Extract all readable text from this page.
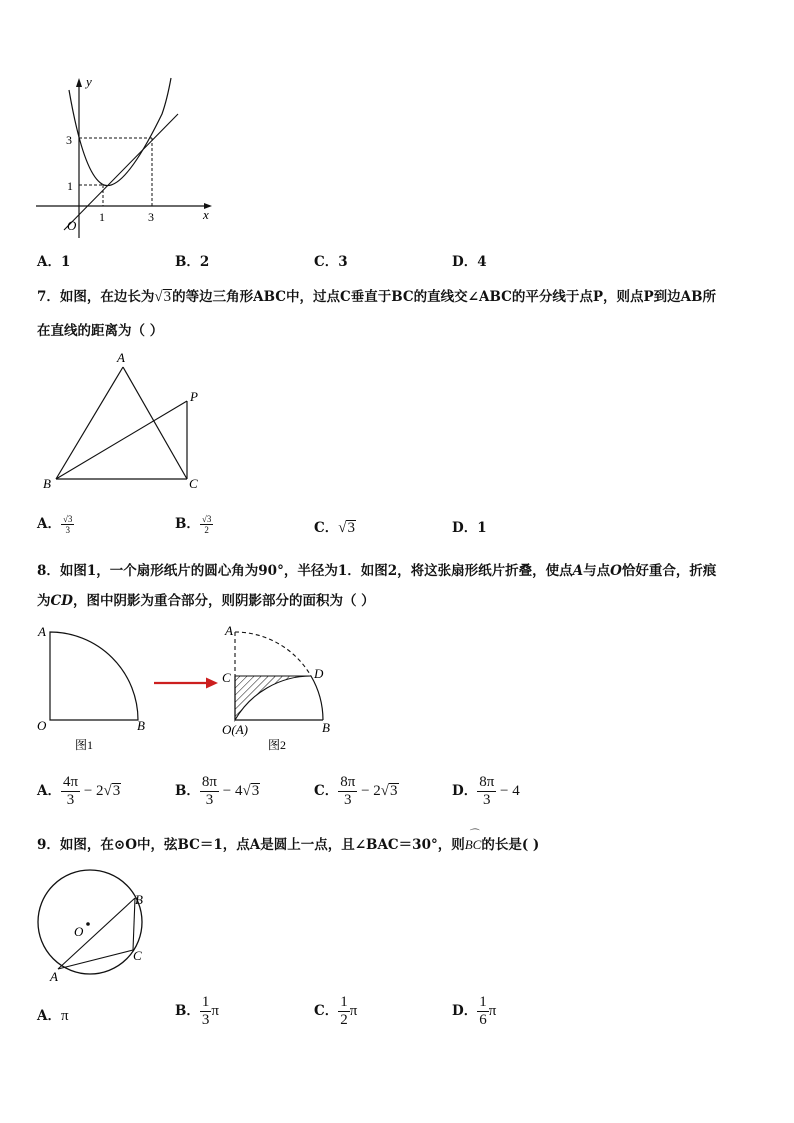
y
x
O
1	3
1
3
A．1	B．2	C．3	D．4
7．如图，在边长为√3的等边三角形ABC中，过点C垂直于BC的直线交∠ABC的平分线于点P，则点P到边AB所
在直线的距离为（ ）
A
B	C
P
A． $\frac{√3}{3}$	B． $\frac{√3}{2}$	C．√3	D．1
8．如图1，一个扇形纸片的圆心角为90°，半径为1．如图2，将这张扇形纸片折叠，使点A与点O恰好重合，折痕
为CD，图中阴影为重合部分，则阴影部分的面积为（ ）
A
O	B
图1
A
C	D
O(A)	B
图2
A． $\frac{4\pi}{3} - 2√3$	B． $\frac{8\pi}{3} - 4√3$	C． $\frac{8\pi}{3} - 2√3$	D． $\frac{8\pi}{3} - 4$
9．如图，在⊙O中，弦BC＝1，点A是圆上一点，且∠BAC＝30°，则
⌒
BC的长是( )
O
A
B
C
A．π	B． $\frac{1}{3}$ π	C． $\frac{1}{2}$ π	D． $\frac{1}{6}$ π
